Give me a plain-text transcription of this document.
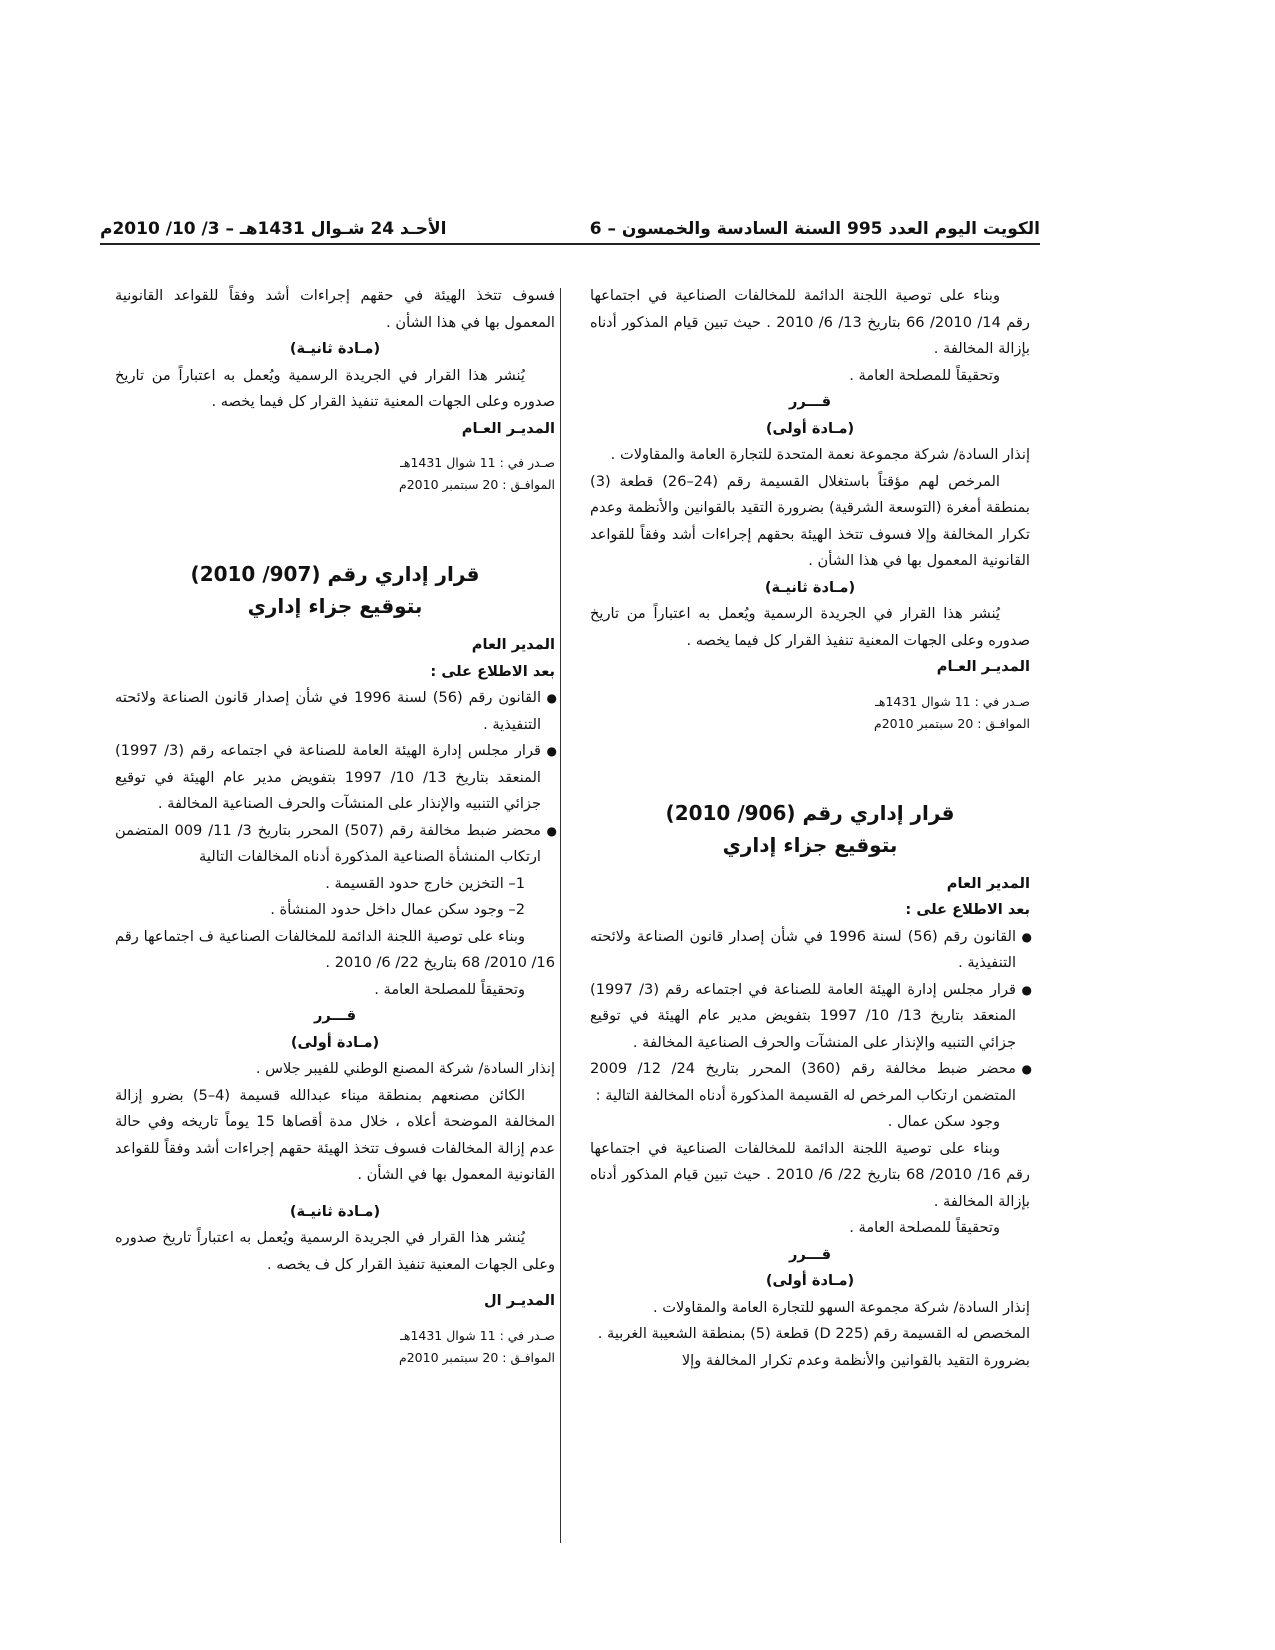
الكويت اليوم العدد 995 السنة السادسة والخمسون – 6
الأحـد 24 شـوال 1431هـ – 3/ 10/ 2010م

وبناء على توصية اللجنة الدائمة للمخالفات الصناعية في اجتماعها رقم 14/ 2010/ 66 بتاريخ 13/ 6/ 2010 . حيث تبين قيام المذكور أدناه بإزالة المخالفة .

وتحقيقاً للمصلحة العامة .

قـــرر

(مـادة أولى)

إنذار السادة/ شركة مجموعة نعمة المتحدة للتجارة العامة والمقاولات .

المرخص لهم مؤقتاً باستغلال القسيمة رقم (24–26) قطعة (3) بمنطقة أمغرة (التوسعة الشرقية) بضرورة التقيد بالقوانين والأنظمة وعدم تكرار المخالفة وإلا فسوف تتخذ الهيئة بحقهم إجراءات أشد وفقاً للقواعد القانونية المعمول بها في هذا الشأن .

(مـادة ثانيـة)

يُنشر هذا القرار في الجريدة الرسمية ويُعمل به اعتباراً من تاريخ صدوره وعلى الجهات المعنية تنفيذ القرار كل فيما يخصه .

المديـر العـام

صـدر في : 11 شوال 1431هـ

الموافـق : 20 سبتمبر 2010م

قرار إداري رقم (906/ 2010)

بتوقيع جزاء إداري

المدير العام

بعد الاطلاع على :

● القانون رقم (56) لسنة 1996 في شأن إصدار قانون الصناعة ولائحته التنفيذية .

● قرار مجلس إدارة الهيئة العامة للصناعة في اجتماعه رقم (3/ 1997) المنعقد بتاريخ 13/ 10/ 1997 بتفويض مدير عام الهيئة في توقيع جزائي التنبيه والإنذار على المنشآت والحرف الصناعية المخالفة .

● محضر ضبط مخالفة رقم (360) المحرر بتاريخ 24/ 12/ 2009 المتضمن ارتكاب المرخص له القسيمة المذكورة أدناه المخالفة التالية :

وجود سكن عمال .

وبناء على توصية اللجنة الدائمة للمخالفات الصناعية في اجتماعها رقم 16/ 2010/ 68 بتاريخ 22/ 6/ 2010 . حيث تبين قيام المذكور أدناه بإزالة المخالفة .

وتحقيقاً للمصلحة العامة .

قـــرر

(مـادة أولى)

إنذار السادة/ شركة مجموعة السهو للتجارة العامة والمقاولات .

المخصص له القسيمة رقم (D 225) قطعة (5) بمنطقة الشعيبة الغربية .

بضرورة التقيد بالقوانين والأنظمة وعدم تكرار المخالفة وإلا

فسوف تتخذ الهيئة في حقهم إجراءات أشد وفقاً للقواعد القانونية المعمول بها في هذا الشأن .

(مـادة ثانيـة)

يُنشر هذا القرار في الجريدة الرسمية ويُعمل به اعتباراً من تاريخ صدوره وعلى الجهات المعنية تنفيذ القرار كل فيما يخصه .

المديـر العـام

صـدر في : 11 شوال 1431هـ

الموافـق : 20 سبتمبر 2010م

قرار إداري رقم (907/ 2010)

بتوقيع جزاء إداري

المدير العام

بعد الاطلاع على :

● القانون رقم (56) لسنة 1996 في شأن إصدار قانون الصناعة ولائحته التنفيذية .

● قرار مجلس إدارة الهيئة العامة للصناعة في اجتماعه رقم (3/ 1997) المنعقد بتاريخ 13/ 10/ 1997 بتفويض مدير عام الهيئة في توقيع جزائي التنبيه والإنذار على المنشآت والحرف الصناعية المخالفة .

● محضر ضبط مخالفة رقم (507) المحرر بتاريخ 3/ 11/ 009 المتضمن ارتكاب المنشأة الصناعية المذكورة أدناه المخالفات التالية

1– التخزين خارج حدود القسيمة .

2– وجود سكن عمال داخل حدود المنشأة .

وبناء على توصية اللجنة الدائمة للمخالفات الصناعية ف اجتماعها رقم 16/ 2010/ 68 بتاريخ 22/ 6/ 2010 .

وتحقيقاً للمصلحة العامة .

قـــرر

(مـادة أولى)

إنذار السادة/ شركة المصنع الوطني للفيبر جلاس .

الكائن مصنعهم بمنطقة ميناء عبدالله قسيمة (4–5) بضرو إزالة المخالفة الموضحة أعلاه ، خلال مدة أقصاها 15 يوماً تاريخه وفي حالة عدم إزالة المخالفات فسوف تتخذ الهيئة حقهم إجراءات أشد وفقاً للقواعد القانونية المعمول بها في الشأن .

(مـادة ثانيـة)

يُنشر هذا القرار في الجريدة الرسمية ويُعمل به اعتباراً تاريخ صدوره وعلى الجهات المعنية تنفيذ القرار كل ف يخصه .

المديـر ال

صـدر في : 11 شوال 1431هـ

الموافـق : 20 سبتمبر 2010م
